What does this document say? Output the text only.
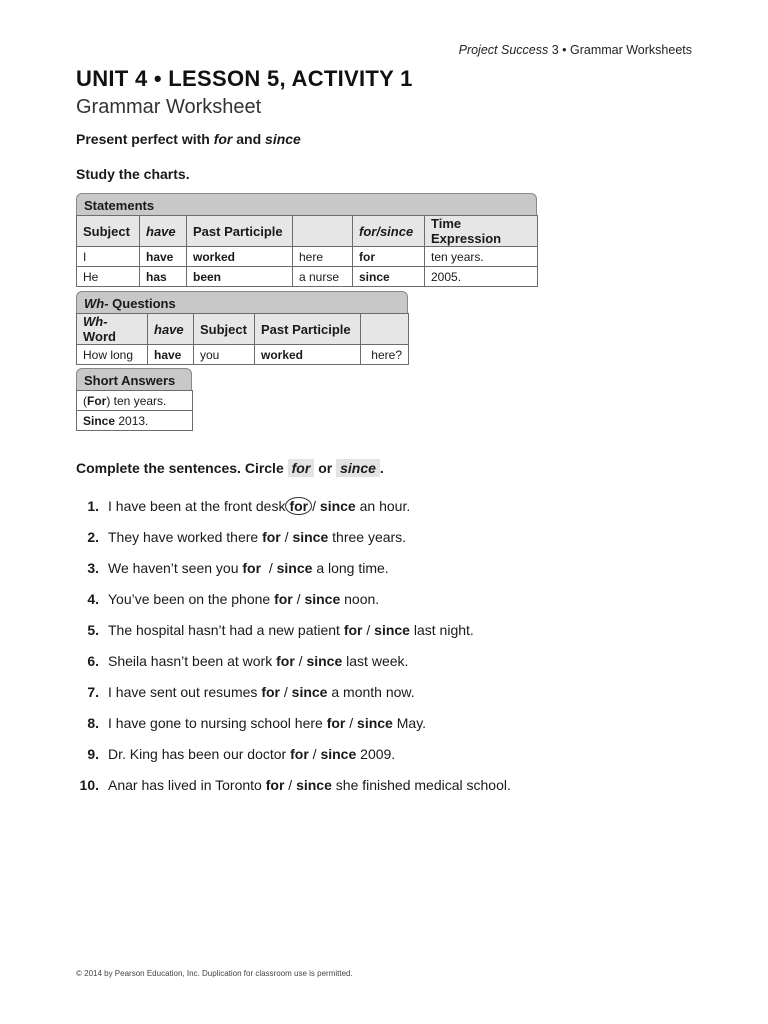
Project Success 3 • Grammar Worksheets
UNIT 4 • LESSON 5, ACTIVITY 1
Grammar Worksheet
Present perfect with for and since
Study the charts.
Statements
Subject	have	Past Participle		for/since	Time Expression
I	have	worked	here	for	ten years.
He	has	been	a nurse	since	2005.
Wh- Questions
Wh- Word	have	Subject	Past Participle	
How long	have	you	worked	here?
Short Answers
(For) ten years.
Since 2013.
Complete the sentences. Circle for or since .
1. I have been at the front desk for / since an hour.
2. They have worked there for / since three years.
3. We haven’t seen you for / since a long time.
4. You’ve been on the phone for / since noon.
5. The hospital hasn’t had a new patient for / since last night.
6. Sheila hasn’t been at work for / since last week.
7. I have sent out resumes for / since a month now.
8. I have gone to nursing school here for / since May.
9. Dr. King has been our doctor for / since 2009.
10. Anar has lived in Toronto for / since she finished medical school.
© 2014 by Pearson Education, Inc. Duplication for classroom use is permitted.
